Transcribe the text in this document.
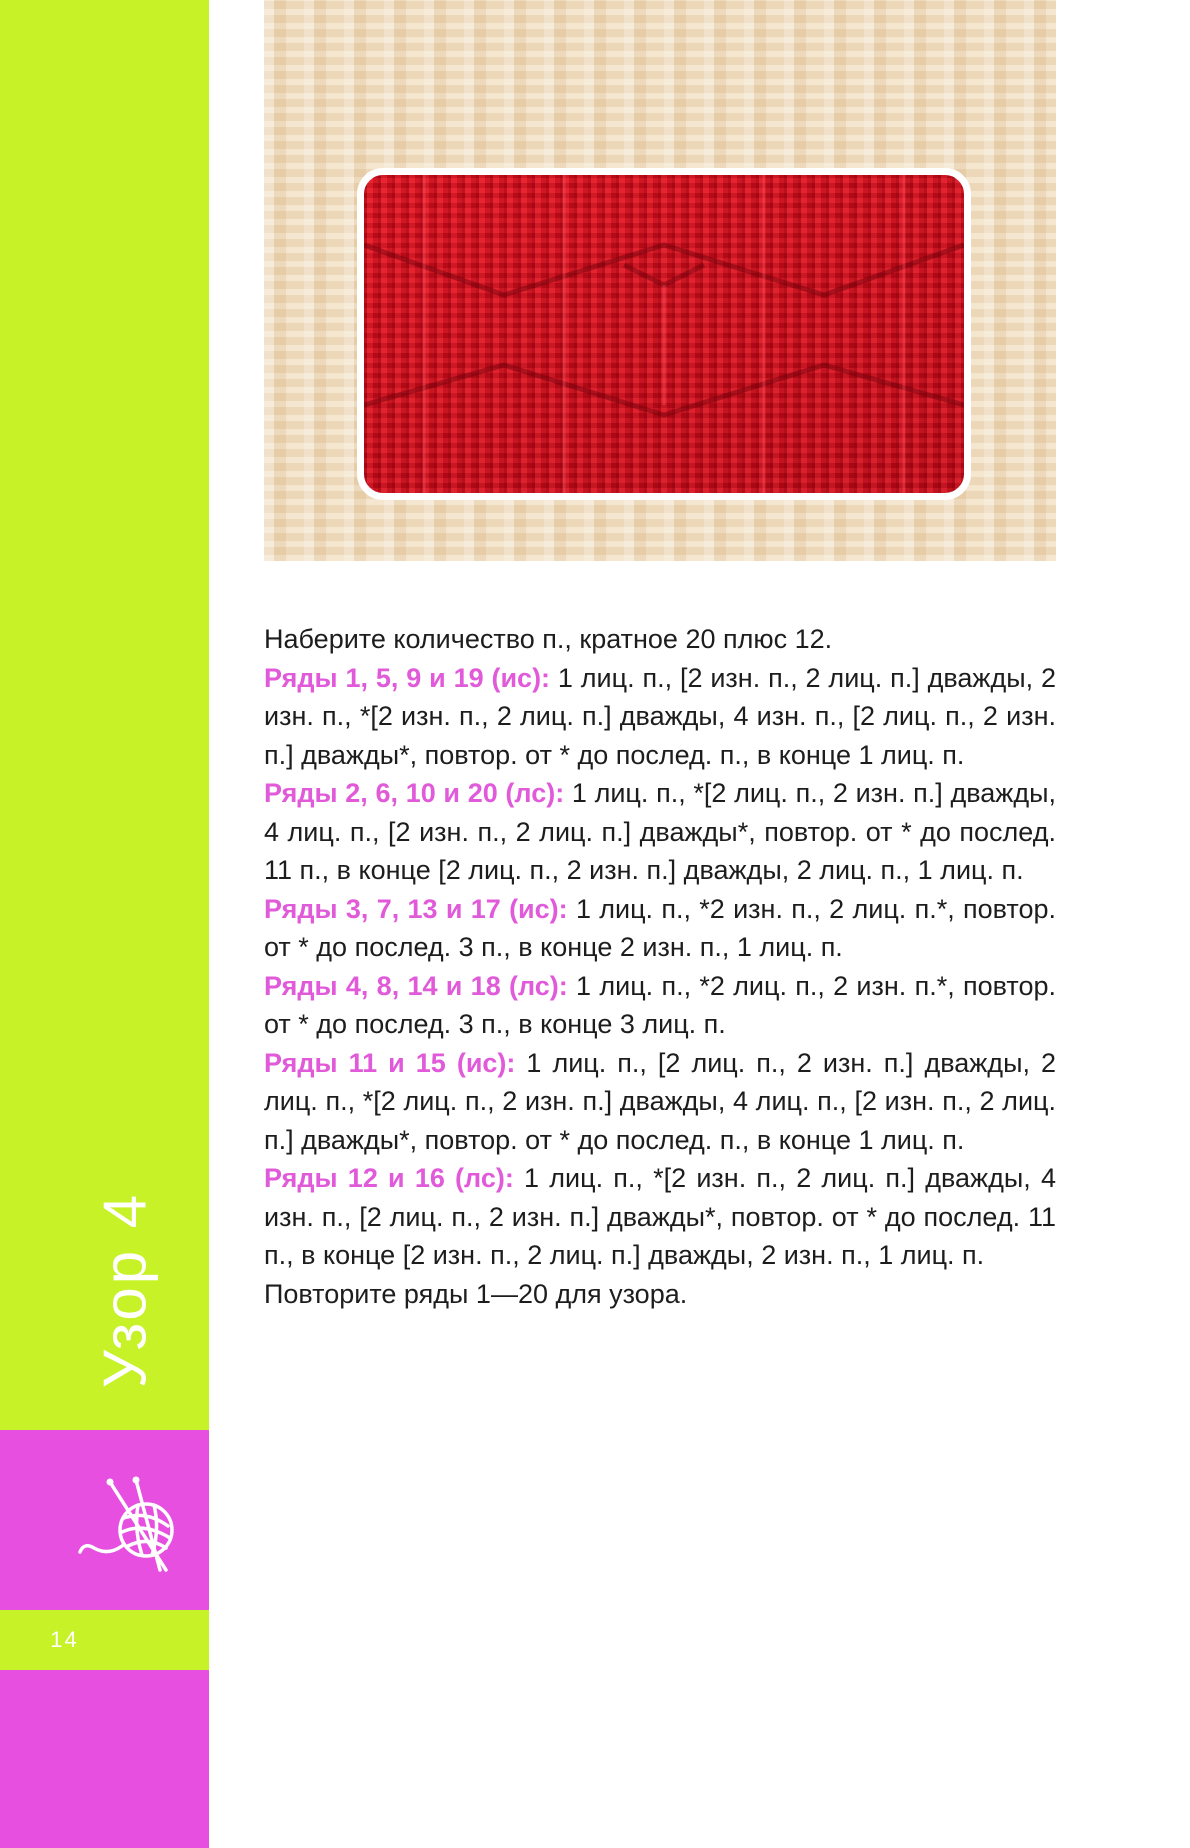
Узор 4
14

Наберите количество п., кратное 20 плюс 12.

Ряды 1, 5, 9 и 19 (ис): 1 лиц. п., [2 изн. п., 2 лиц. п.] дважды, 2 изн. п., *[2 изн. п., 2 лиц. п.] дважды, 4 изн. п., [2 лиц. п., 2 изн. п.] дважды*, повтор. от * до послед. п., в конце 1 лиц. п.

Ряды 2, 6, 10 и 20 (лс): 1 лиц. п., *[2 лиц. п., 2 изн. п.] дважды, 4 лиц. п., [2 изн. п., 2 лиц. п.] дважды*, повтор. от * до послед. 11 п., в конце [2 лиц. п., 2 изн. п.] дважды, 2 лиц. п., 1 лиц. п.

Ряды 3, 7, 13 и 17 (ис): 1 лиц. п., *2 изн. п., 2 лиц. п.*, повтор. от * до послед. 3 п., в конце 2 изн. п., 1 лиц. п.

Ряды 4, 8, 14 и 18 (лс): 1 лиц. п., *2 лиц. п., 2 изн. п.*, повтор. от * до послед. 3 п., в конце 3 лиц. п.

Ряды 11 и 15 (ис): 1 лиц. п., [2 лиц. п., 2 изн. п.] дважды, 2 лиц. п., *[2 лиц. п., 2 изн. п.] дважды, 4 лиц. п., [2 изн. п., 2 лиц. п.] дважды*, повтор. от * до послед. п., в конце 1 лиц. п.

Ряды 12 и 16 (лс): 1 лиц. п., *[2 изн. п., 2 лиц. п.] дважды, 4 изн. п., [2 лиц. п., 2 изн. п.] дважды*, повтор. от * до послед. 11 п., в конце [2 изн. п., 2 лиц. п.] дважды, 2 изн. п., 1 лиц. п.

Повторите ряды 1—20 для узора.
